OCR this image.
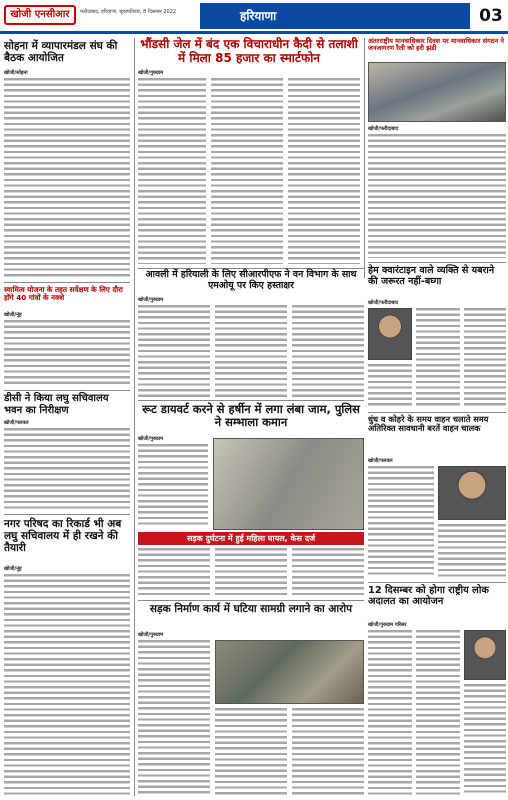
खोजी एनसीआर	फरीदाबाद, हरियाणा, बृहस्पतिवार, 8 दिसम्बर 2022	हरियाणा	03
सोहना में व्यापारमंडल संघ की बैठक आयोजित
खोजी/सोहना
भौंडसी जेल में बंद एक विचाराधीन कैदी से तलाशी में मिला 85 हजार का स्मार्टफोन
खोजी/गुरुग्राम
अंतरराष्ट्रीय मानवाधिकार दिवस पर मानवाधिकार संगठन ने जनजागरण रैली को हरी झंडी
खोजी/फरीदाबाद
स्वामित्व योजना के तहत सर्वेक्षण के लिए दौरा होंगे 40 गांवों के नक्शे
खोजी/नूंह
आवली में हरियाली के लिए सीआरपीएफ ने वन विभाग के साथ एमओयू पर किए हस्ताक्षर
खोजी/गुरुग्राम
हेम क्वारंटाइन वाले व्यक्ति से यबराने की जरूरत नहीं-बघ्गा
खोजी/फरीदाबाद
डीसी ने किया लघु सचिवालय भवन का निरीक्षण
खोजी/पलवल
रूट डायवर्ट करने से हर्षीन में लगा लंबा जाम, पुलिस ने सम्भाला कमान
खोजी/गुरुग्राम
धुंध व कोहरे के समय वाहन चलाते समय अतिरिक्त सावधानी बरतें वाहन चालक
खोजी/पलवल
सड़क दुर्घटना में हुई महिला घायल, केस दर्ज
नगर परिषद का रिकार्ड भी अब लघु सचिवालय में ही रखने की तैयारी
खोजी/नूंह
सड़क निर्माण कार्य में घटिया सामग्री लगाने का आरोप
खोजी/गुरुग्राम
12 दिसम्बर को होगा राष्ट्रीय लोक अदालत का आयोजन
खोजी/गुरुग्राम परिसर
